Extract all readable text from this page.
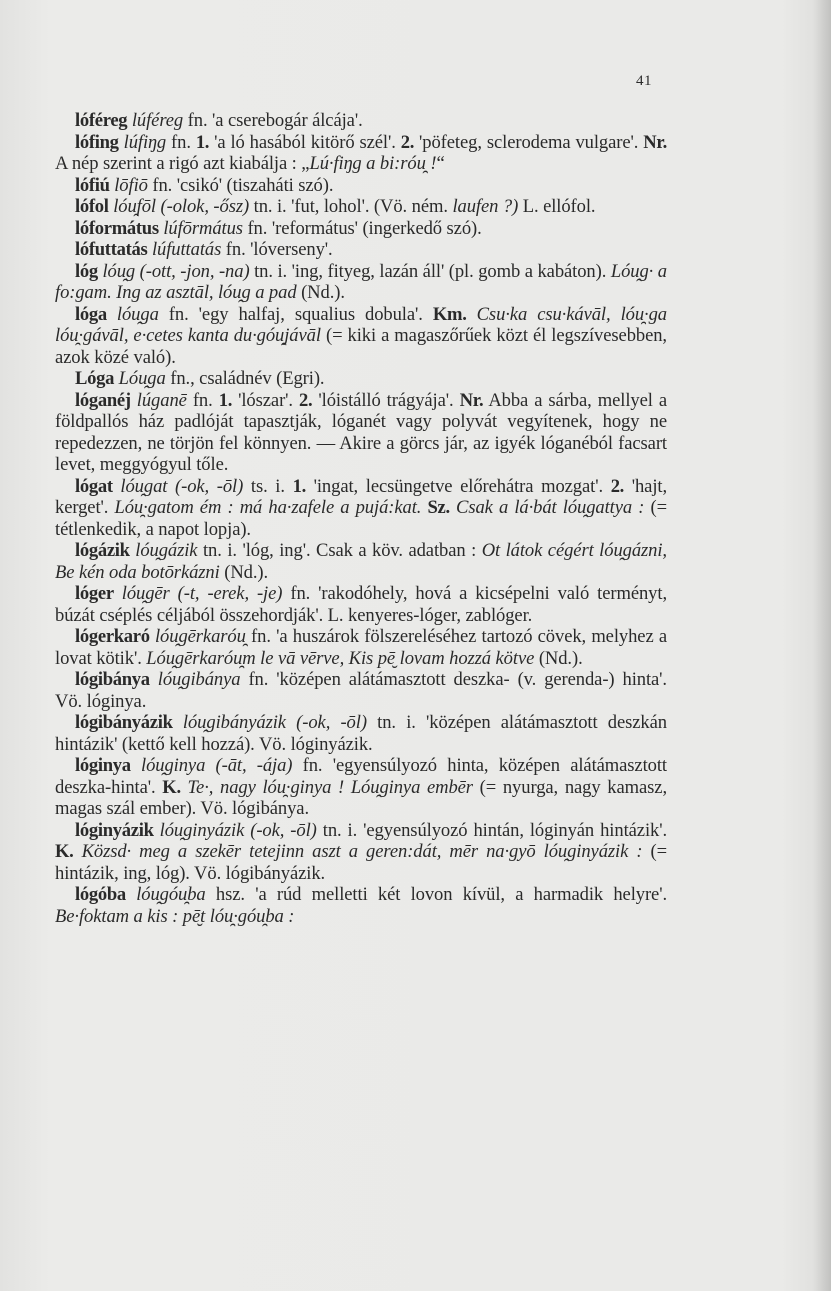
41

lóféreg lúféreg fn. 'a cserebogár álcája'.

lófing lúfiŋg fn. 1. 'a ló hasából kitörő szél'. 2. 'pöfeteg, sclerodema vulgare'. Nr. A nép szerint a rigó azt kiabálja : „Lú·fiŋg a bi:róu̯ !“

lófiú lōfiō fn. 'csikó' (tiszaháti szó).

lófol lóu̯fōl (-olok, -ősz) tn. i. 'fut, lohol'. (Vö. ném. laufen ?) L. ellófol.

lóformátus lúfōrmátus fn. 'református' (ingerkedő szó).

lófuttatás lúfuttatás fn. 'lóverseny'.

lóg lóu̯g (-ott, -jon, -na) tn. i. 'ing, fityeg, lazán áll' (pl. gomb a kabáton). Lóu̯g· a fo:gam. Ing az asztāl, lóu̯g a pad (Nd.).

lóga lóu̯ga fn. 'egy halfaj, squalius dobula'. Km. Csu·ka csu·kávāl, lóu̯·ga lóu̯·gávāl, e·cetes kanta du·góu̯jávāl (= kiki a magaszőrűek közt él legszívesebben, azok közé való).

Lóga Lóu̯ga fn., családnév (Egri).

lóganéj lúganē fn. 1. 'lószar'. 2. 'lóistálló trágyája'. Nr. Abba a sárba, mellyel a földpallós ház padlóját tapasztják, lóganét vagy polyvát vegyítenek, hogy ne repedezzen, ne törjön fel könnyen. — Akire a görcs jár, az igyék lóganéból facsart levet, meggyógyul tőle.

lógat lóu̯gat (-ok, -ōl) ts. i. 1. 'ingat, lecsüngetve előrehátra mozgat'. 2. 'hajt, kerget'. Lóu̯·gatom ém : má ha·zafele a pujá:kat. Sz. Csak a lá·bát lóu̯gattya : (= tétlenkedik, a napot lopja).

lógázik lóu̯gázik tn. i. 'lóg, ing'. Csak a köv. adatban : Ot látok cégért lóu̯gázni, Be kén oda botōrkázni (Nd.).

lóger lóu̯gēr (-t, -erek, -je) fn. 'rakodóhely, hová a kicsépelni való terményt, búzát cséplés céljából összehordják'. L. kenyeres-lóger, zablóger.

lógerkaró lóu̯gērkaróu̯ fn. 'a huszárok fölszereléséhez tartozó cövek, melyhez a lovat kötik'. Lóu̯gērkaróu̯m le vā vērve, Kis pē̮ lovam hozzá kötve (Nd.).

lógibánya lóu̯gibánya fn. 'középen alátámasztott deszka- (v. gerenda-) hinta'. Vö. lóginya.

lógibányázik lóu̯gibányázik (-ok, -ōl) tn. i. 'középen alátámasztott deszkán hintázik' (kettő kell hozzá). Vö. lóginyázik.

lóginya lóu̯ginya (-āt, -ája) fn. 'egyensúlyozó hinta, középen alátámasztott deszka-hinta'. K. Te·, nagy lóu̯·ginya ! Lóu̯ginya embēr (= nyurga, nagy kamasz, magas szál ember). Vö. lógibánya.

lóginyázik lóu̯ginyázik (-ok, -ōl) tn. i. 'egyensúlyozó hintán, lóginyán hintázik'. K. Közsd· meg a szekēr tetejinn aszt a geren:dát, mēr na·gyō lóu̯ginyázik : (= hintázik, ing, lóg). Vö. lógibányázik.

lógóba lóu̯góu̯ba hsz. 'a rúd melletti két lovon kívül, a harmadik helyre'. Be·foktam a kis : pē̮t lóu̯·góu̯ba :
